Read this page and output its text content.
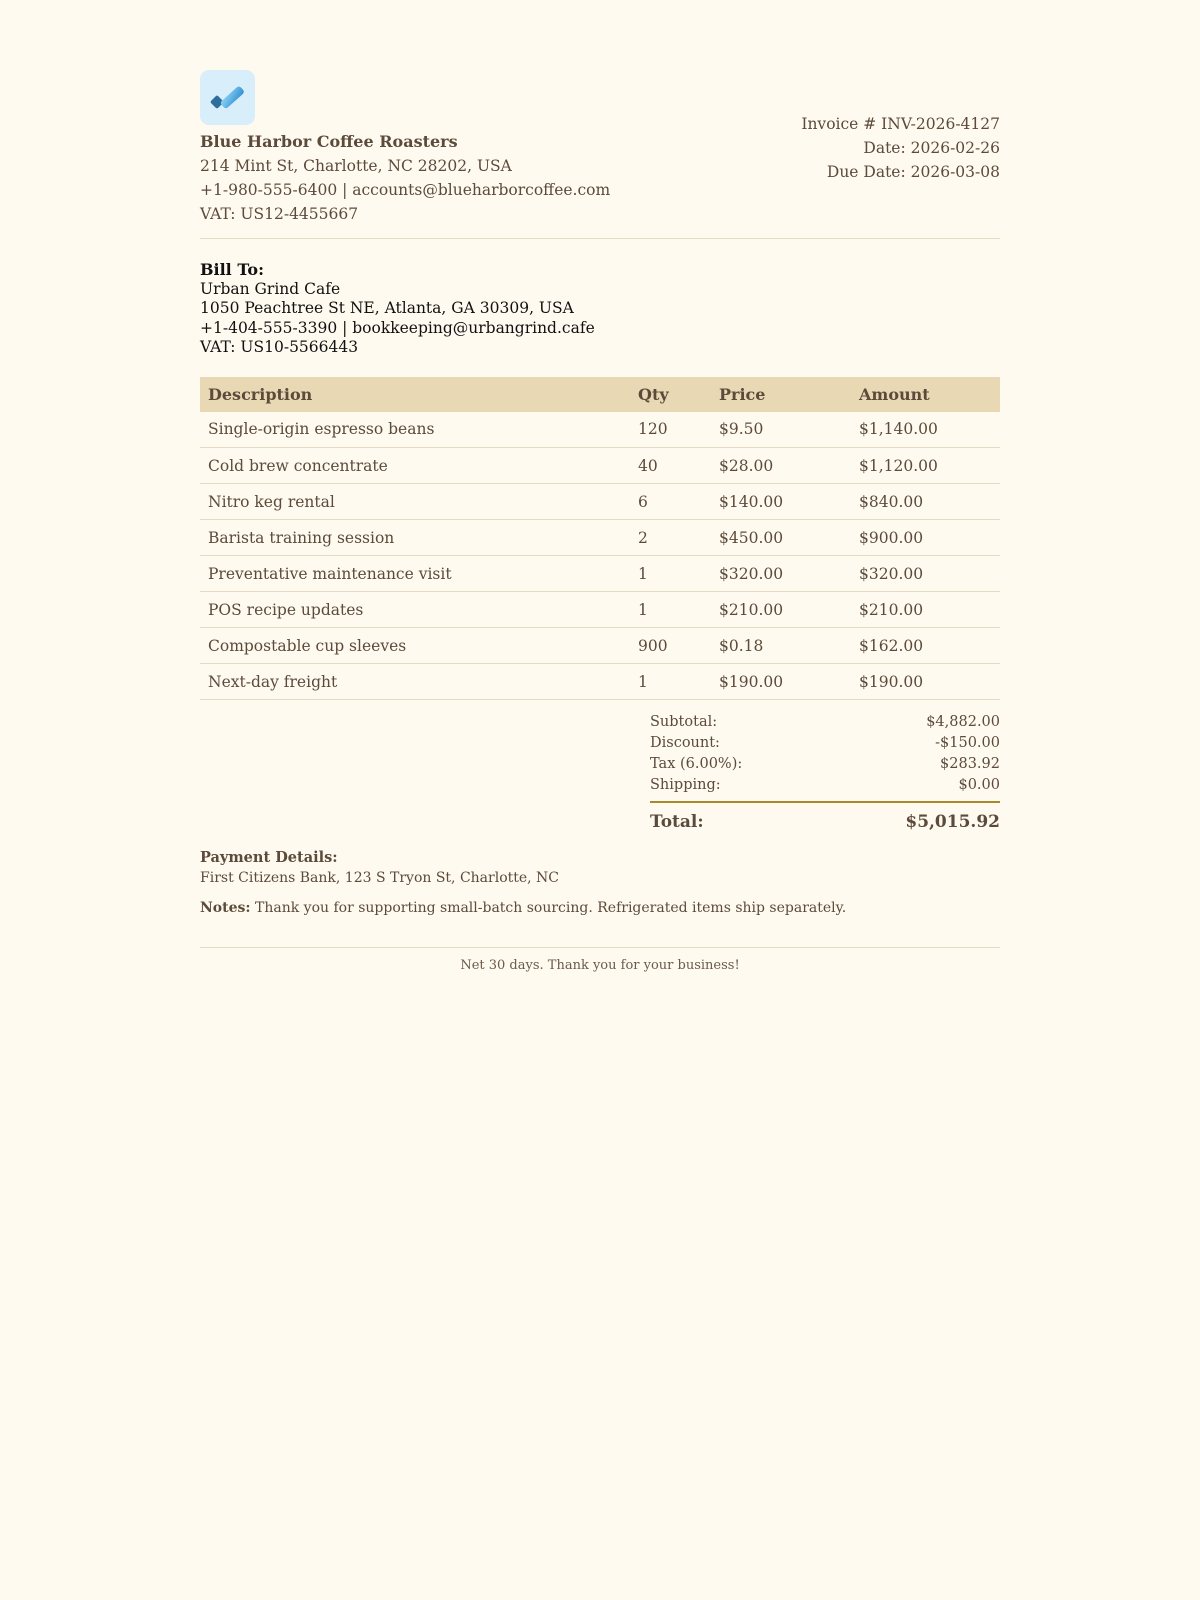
Blue Harbor Coffee Roasters
214 Mint St, Charlotte, NC 28202, USA
+1-980-555-6400 | accounts@blueharborcoffee.com
VAT: US12-4455667
Invoice # INV-2026-4127
Date: 2026-02-26
Due Date: 2026-03-08
Bill To:
Urban Grind Cafe
1050 Peachtree St NE, Atlanta, GA 30309, USA
+1-404-555-3390 | bookkeeping@urbangrind.cafe
VAT: US10-5566443
Description	Qty	Price	Amount
Single-origin espresso beans	120	$9.50	$1,140.00
Cold brew concentrate	40	$28.00	$1,120.00
Nitro keg rental	6	$140.00	$840.00
Barista training session	2	$450.00	$900.00
Preventative maintenance visit	1	$320.00	$320.00
POS recipe updates	1	$210.00	$210.00
Compostable cup sleeves	900	$0.18	$162.00
Next-day freight	1	$190.00	$190.00
Subtotal:	$4,882.00
Discount:	-$150.00
Tax (6.00%):	$283.92
Shipping:	$0.00
Total:	$5,015.92
Payment Details:
First Citizens Bank, 123 S Tryon St, Charlotte, NC
Notes: Thank you for supporting small-batch sourcing. Refrigerated items ship separately.
Net 30 days. Thank you for your business!
